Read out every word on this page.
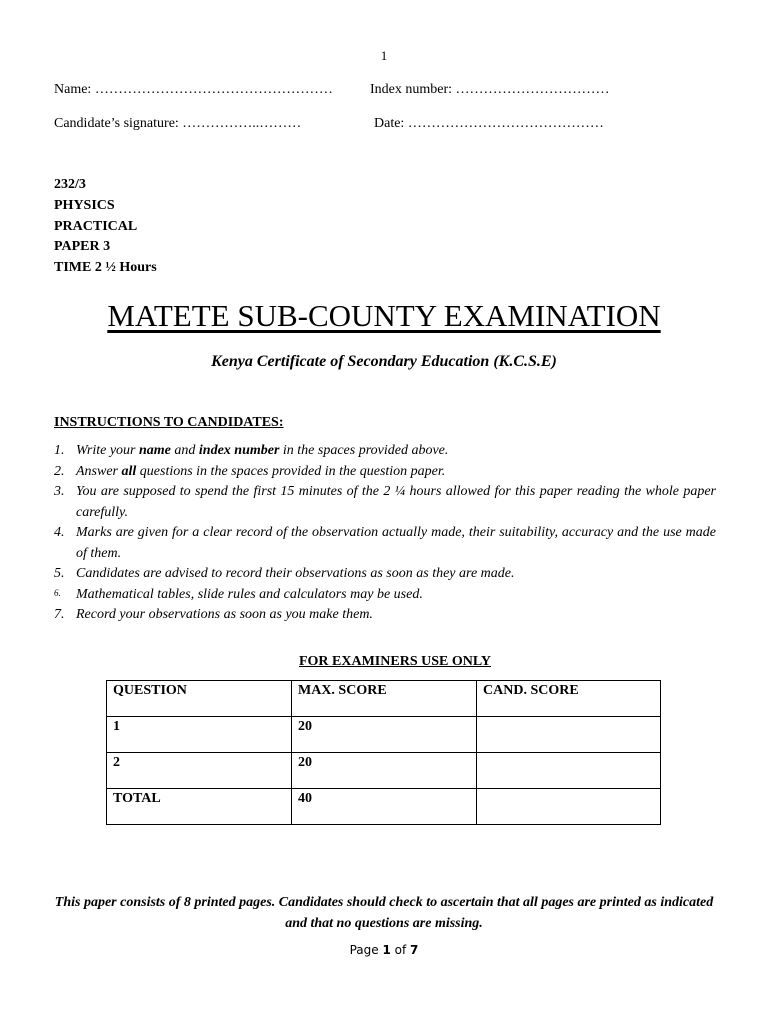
1
Name: ……………………………………………	Index number: ……………………………
Candidate’s signature: ……………..………	Date: ……………………………………
232/3
PHYSICS
PRACTICAL
PAPER 3
TIME 2 ½ Hours
MATETE SUB-COUNTY EXAMINATION
Kenya Certificate of Secondary Education (K.C.S.E)
INSTRUCTIONS TO CANDIDATES:
1. Write your name and index number in the spaces provided above.
2. Answer all questions in the spaces provided in the question paper.
3. You are supposed to spend the first 15 minutes of the 2 ¼ hours allowed for this paper reading the whole paper carefully.
4. Marks are given for a clear record of the observation actually made, their suitability, accuracy and the use made of them.
5. Candidates are advised to record their observations as soon as they are made.
6. Mathematical tables, slide rules and calculators may be used.
7. Record your observations as soon as you make them.
FOR EXAMINERS USE ONLY
QUESTION	MAX. SCORE	CAND. SCORE
1	20	
2	20	
TOTAL	40	
This paper consists of 8 printed pages. Candidates should check to ascertain that all pages are printed as indicated and that no questions are missing.
Page 1 of 7
